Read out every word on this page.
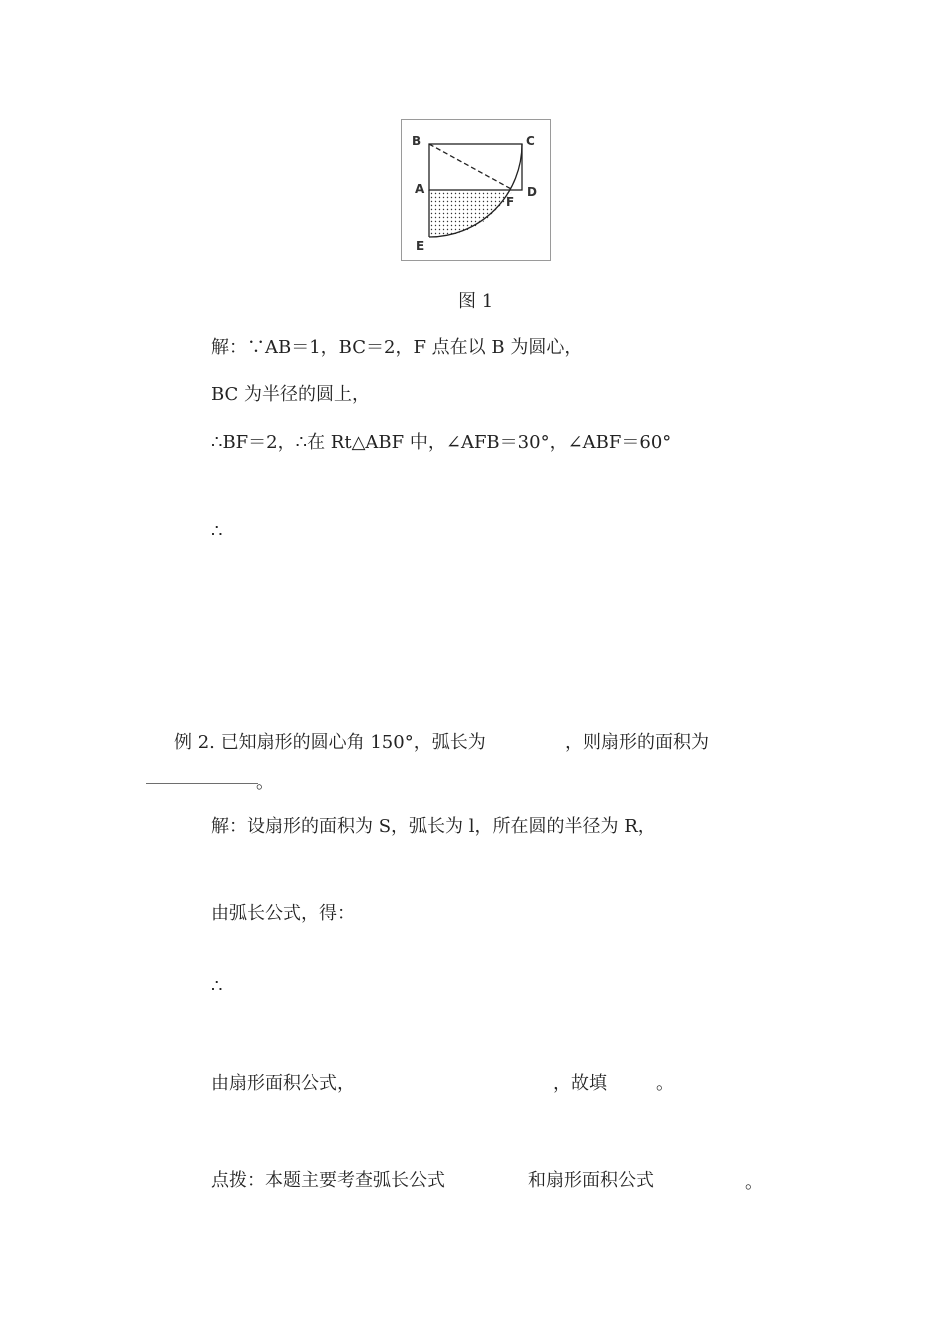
B	C
A	D
F
E
图 1
解：∵AB＝1，BC＝2，F 点在以 B 为圆心，
BC 为半径的圆上，
∴BF＝2，∴在 Rt△ABF 中，∠AFB＝30°，∠ABF＝60°
∴
例 2. 已知扇形的圆心角 150°，弧长为	，则扇形的面积为
。
解：设扇形的面积为 S，弧长为 l，所在圆的半径为 R，
由弧长公式，得：
∴
由扇形面积公式，	，故填	。
点拨：本题主要考查弧长公式	和扇形面积公式	。
